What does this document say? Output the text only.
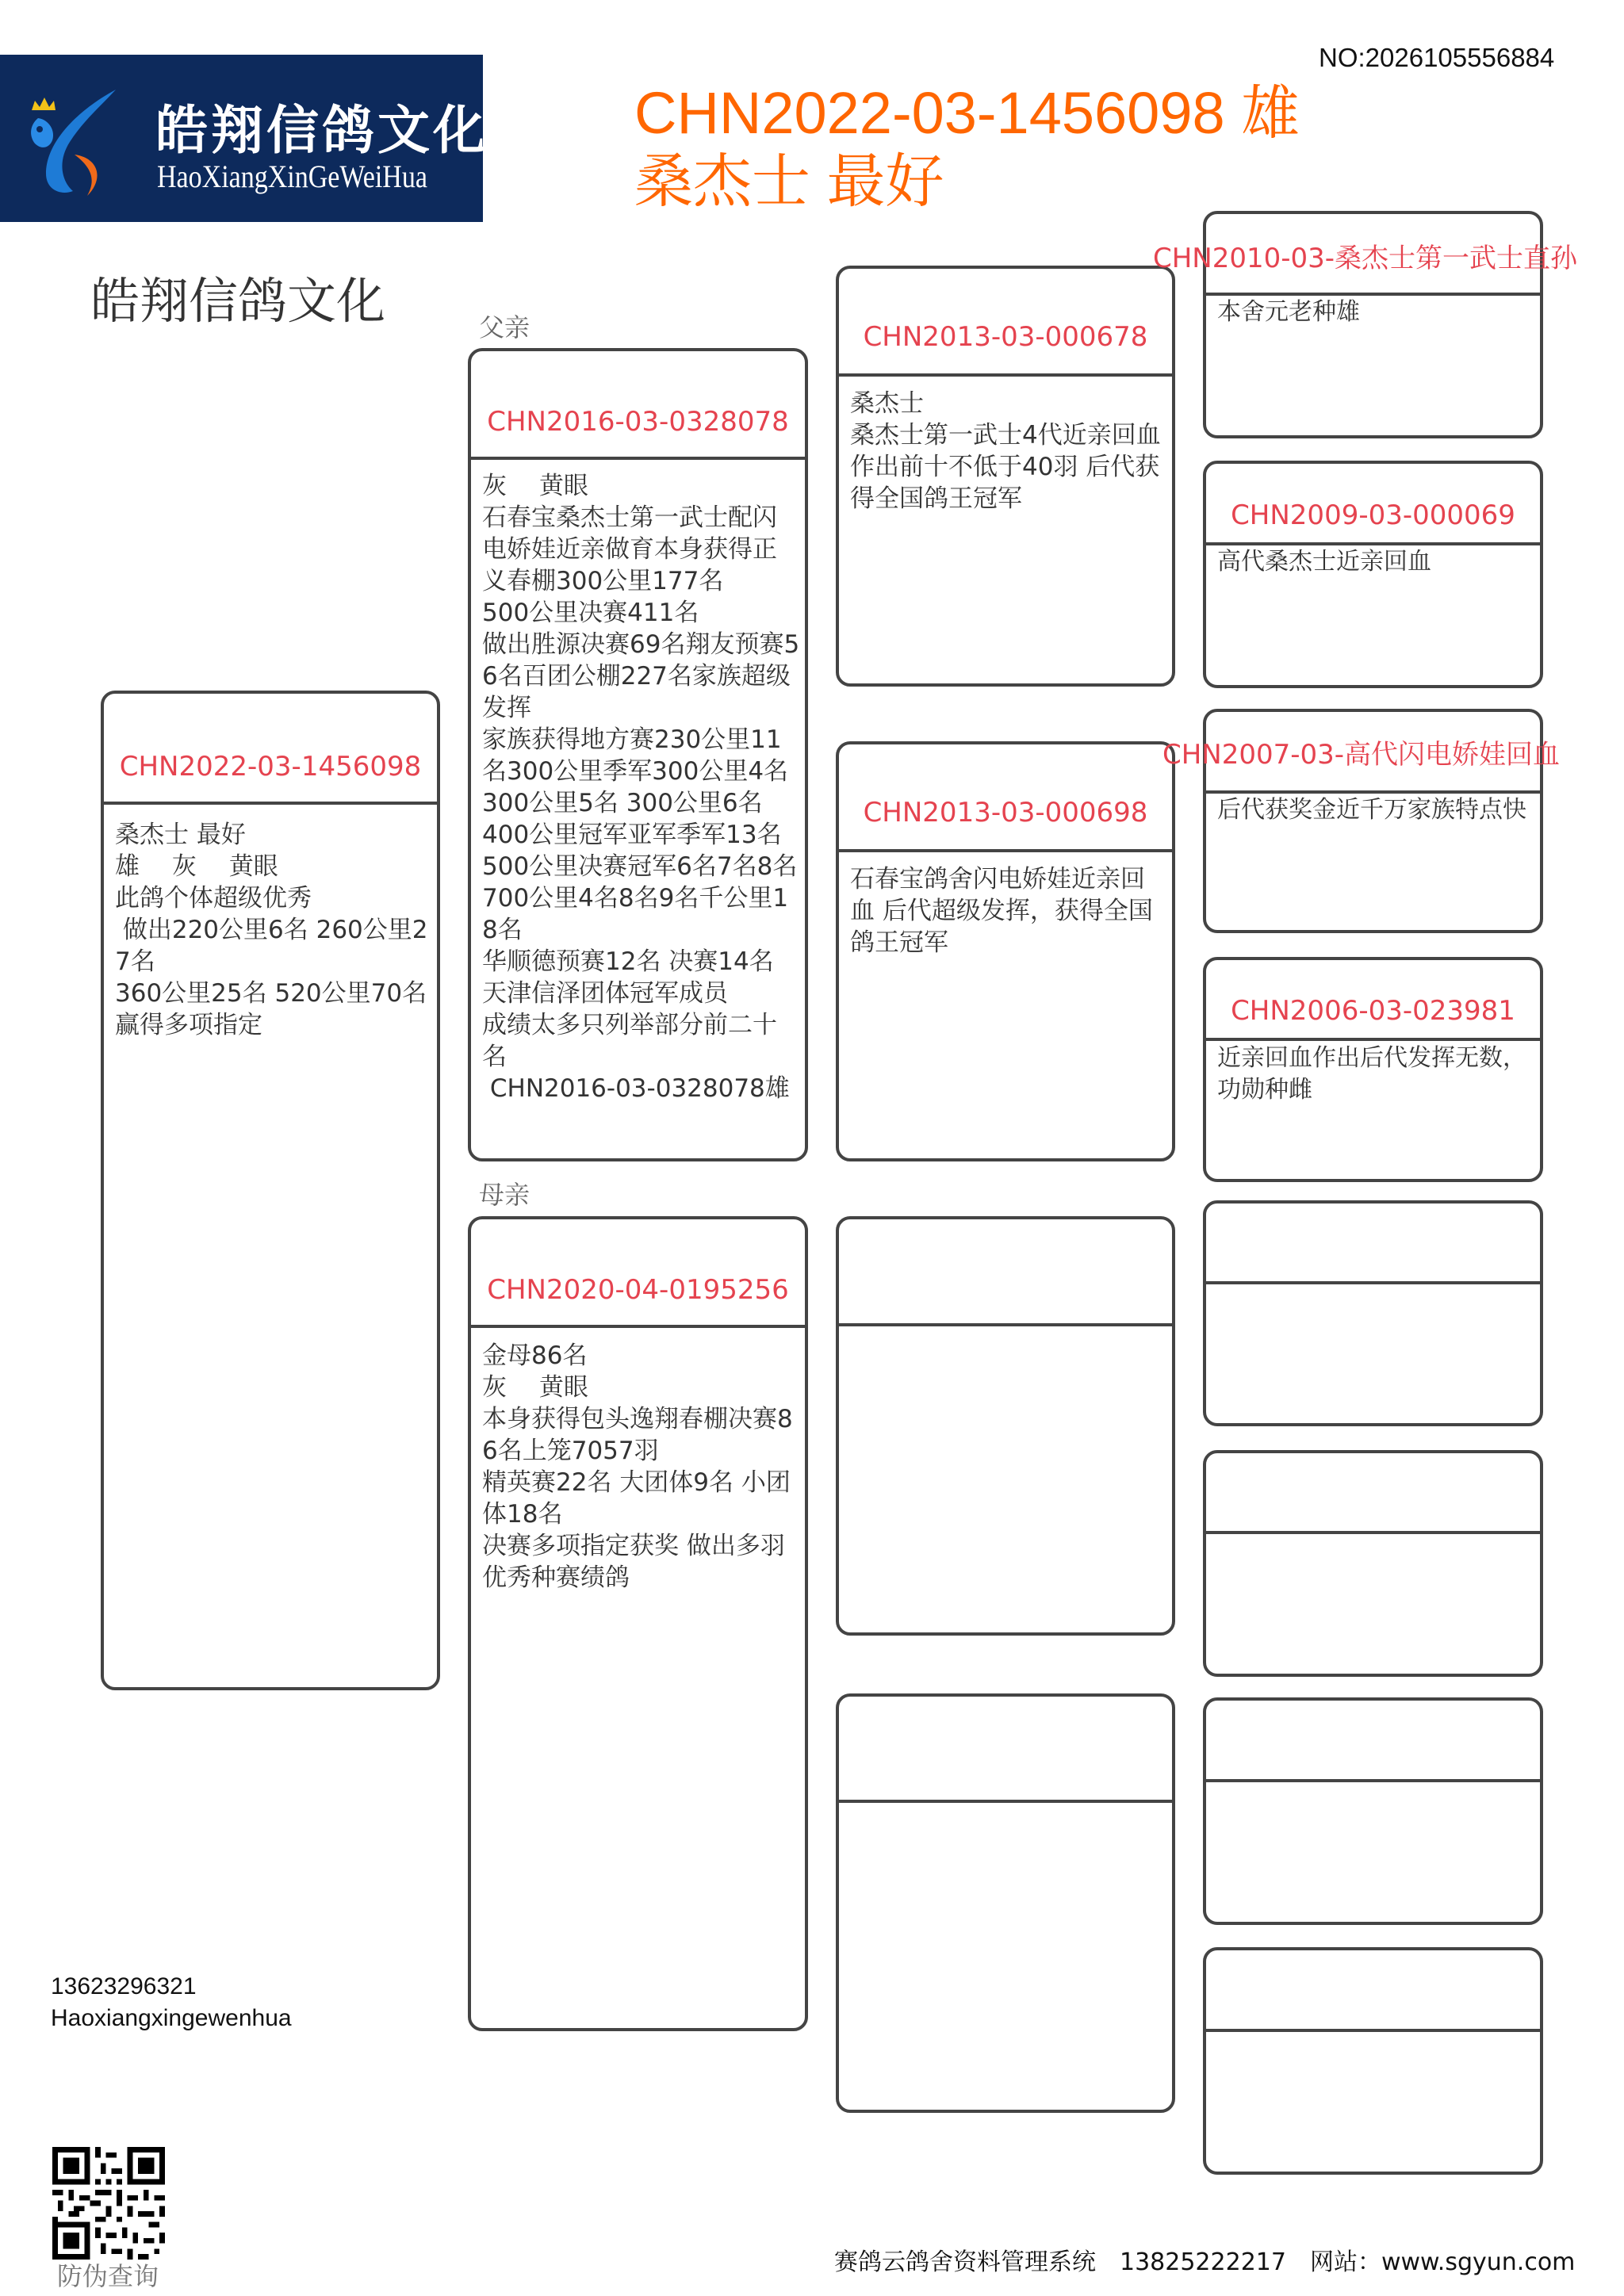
皓翔信鸽文化
HaoXiangXinGeWeiHua
NO:2026105556884
CHN2022-03-1456098 雄
桑杰士 最好
皓翔信鸽文化
CHN2022-03-1456098
桑杰士 最好
雄　 灰　 黄眼
此鸽个体超级优秀
做出220公里6名 260公里27名
360公里25名 520公里70名 赢得多项指定
父亲
CHN2016-03-0328078
灰　 黄眼
石春宝桑杰士第一武士配闪电娇娃近亲做育本身获得正义春棚300公里177名
500公里决赛411名
做出胜源决赛69名翔友预赛56名百团公棚227名家族超级发挥
家族获得地方赛230公里11名300公里季军300公里4名 300公里5名 300公里6名
400公里冠军亚军季军13名
500公里决赛冠军6名7名8名 700公里4名8名9名千公里18名
华顺德预赛12名 决赛14名
天津信泽团体冠军成员
成绩太多只列举部分前二十名
CHN2016-03-0328078雄
母亲
CHN2020-04-0195256
金母86名
灰　 黄眼
本身获得包头逸翔春棚决赛86名上笼7057羽
精英赛22名 大团体9名 小团体18名
决赛多项指定获奖 做出多羽优秀种赛绩鸽
CHN2013-03-000678
桑杰士
桑杰士第一武士4代近亲回血作出前十不低于40羽 后代获得全国鸽王冠军
CHN2013-03-000698
石春宝鸽舍闪电娇娃近亲回血 后代超级发挥，获得全国鸽王冠军
CHN2010-03-桑杰士第一武士直孙
本舍元老种雄
CHN2009-03-000069
高代桑杰士近亲回血
CHN2007-03-高代闪电娇娃回血
后代获奖金近千万家族特点快
CHN2006-03-023981
近亲回血作出后代发挥无数，功勋种雌
13623296321
Haoxiangxingewenhua
防伪查询	赛鸽云鸽舍资料管理系统　13825222217　网站：www.sgyun.com
